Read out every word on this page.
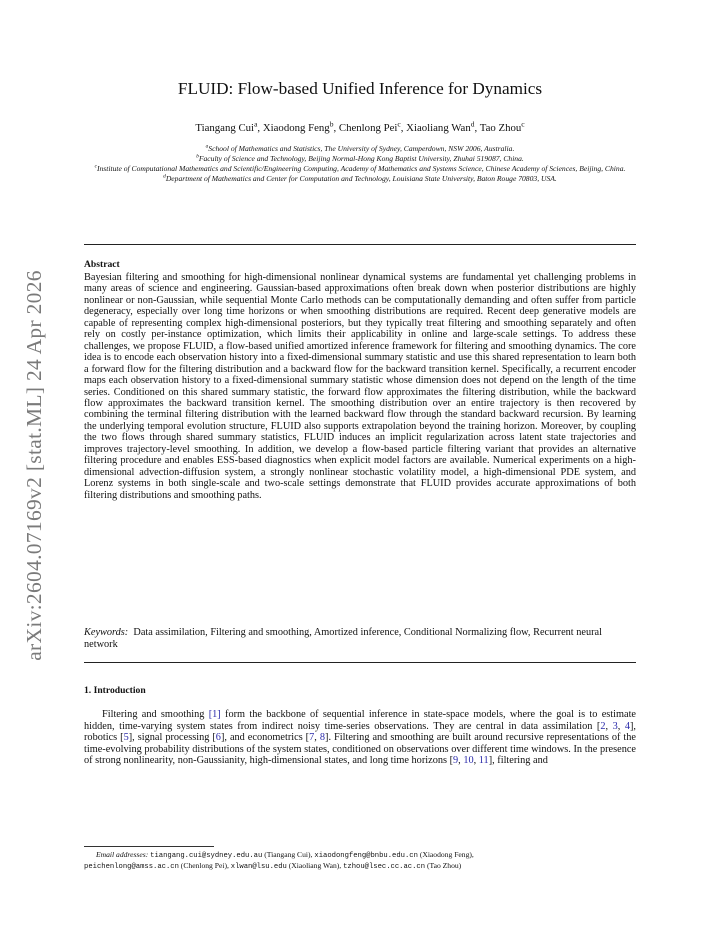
arXiv:2604.07169v2 [stat.ML] 24 Apr 2026
FLUID: Flow-based Unified Inference for Dynamics
Tiangang Cui$^a$, Xiaodong Feng$^b$, Chenlong Pei$^c$, Xiaoliang Wan$^d$, Tao Zhou$^c$
$^a$School of Mathematics and Statistics, The University of Sydney, Camperdown, NSW 2006, Australia.
$^b$Faculty of Science and Technology, Beijing Normal-Hong Kong Baptist University, Zhuhai 519087, China.
$^c$Institute of Computational Mathematics and Scientific/Engineering Computing, Academy of Mathematics and Systems Science, Chinese Academy of Sciences, Beijing, China.
$^d$Department of Mathematics and Center for Computation and Technology, Louisiana State University, Baton Rouge 70803, USA.
Abstract

Bayesian filtering and smoothing for high-dimensional nonlinear dynamical systems are fundamental yet challenging problems in many areas of science and engineering. Gaussian-based approximations often break down when posterior distributions are highly nonlinear or non-Gaussian, while sequential Monte Carlo methods can be computationally demanding and often suffer from particle degeneracy, especially over long time horizons or when smoothing distributions are required. Recent deep generative models are capable of representing complex high-dimensional posteriors, but they typically treat filtering and smoothing separately and often rely on costly per-instance optimization, which limits their applicability in online and large-scale settings. To address these challenges, we propose FLUID, a flow-based unified amortized inference framework for filtering and smoothing dynamics. The core idea is to encode each observation history into a fixed-dimensional summary statistic and use this shared representation to learn both a forward flow for the filtering distribution and a backward flow for the backward transition kernel. Specifically, a recurrent encoder maps each observation history to a fixed-dimensional summary statistic whose dimension does not depend on the length of the time series. Conditioned on this shared summary statistic, the forward flow approximates the filtering distribution, while the backward flow approximates the backward transition kernel. The smoothing distribution over an entire trajectory is then recovered by combining the terminal filtering distribution with the learned backward flow through the standard backward recursion. By learning the underlying temporal evolution structure, FLUID also supports extrapolation beyond the training horizon. Moreover, by coupling the two flows through shared summary statistics, FLUID induces an implicit regularization across latent state trajectories and improves trajectory-level smoothing. In addition, we develop a flow-based particle filtering variant that provides an alternative filtering procedure and enables ESS-based diagnostics when explicit model factors are available. Numerical experiments on a high-dimensional advection-diffusion system, a strongly nonlinear stochastic volatility model, a high-dimensional PDE system, and Lorenz systems in both single-scale and two-scale settings demonstrate that FLUID provides accurate approximations of both filtering distributions and smoothing paths.

Keywords: Data assimilation, Filtering and smoothing, Amortized inference, Conditional Normalizing flow, Recurrent neural network

1. Introduction

Filtering and smoothing [1] form the backbone of sequential inference in state-space models, where the goal is to estimate hidden, time-varying system states from indirect noisy time-series observations. They are central in data assimilation [2, 3, 4], robotics [5], signal processing [6], and econometrics [7, 8]. Filtering and smoothing are built around recursive representations of the time-evolving probability distributions of the system states, conditioned on observations over different time windows. In the presence of strong nonlinearity, non-Gaussianity, high-dimensional states, and long time horizons [9, 10, 11], filtering and

Email addresses: tiangang.cui@sydney.edu.au (Tiangang Cui), xiaodongfeng@bnbu.edu.cn (Xiaodong Feng),
peichenlong@amss.ac.cn (Chenlong Pei), xlwan@lsu.edu (Xiaoliang Wan), tzhou@lsec.cc.ac.cn (Tao Zhou)
